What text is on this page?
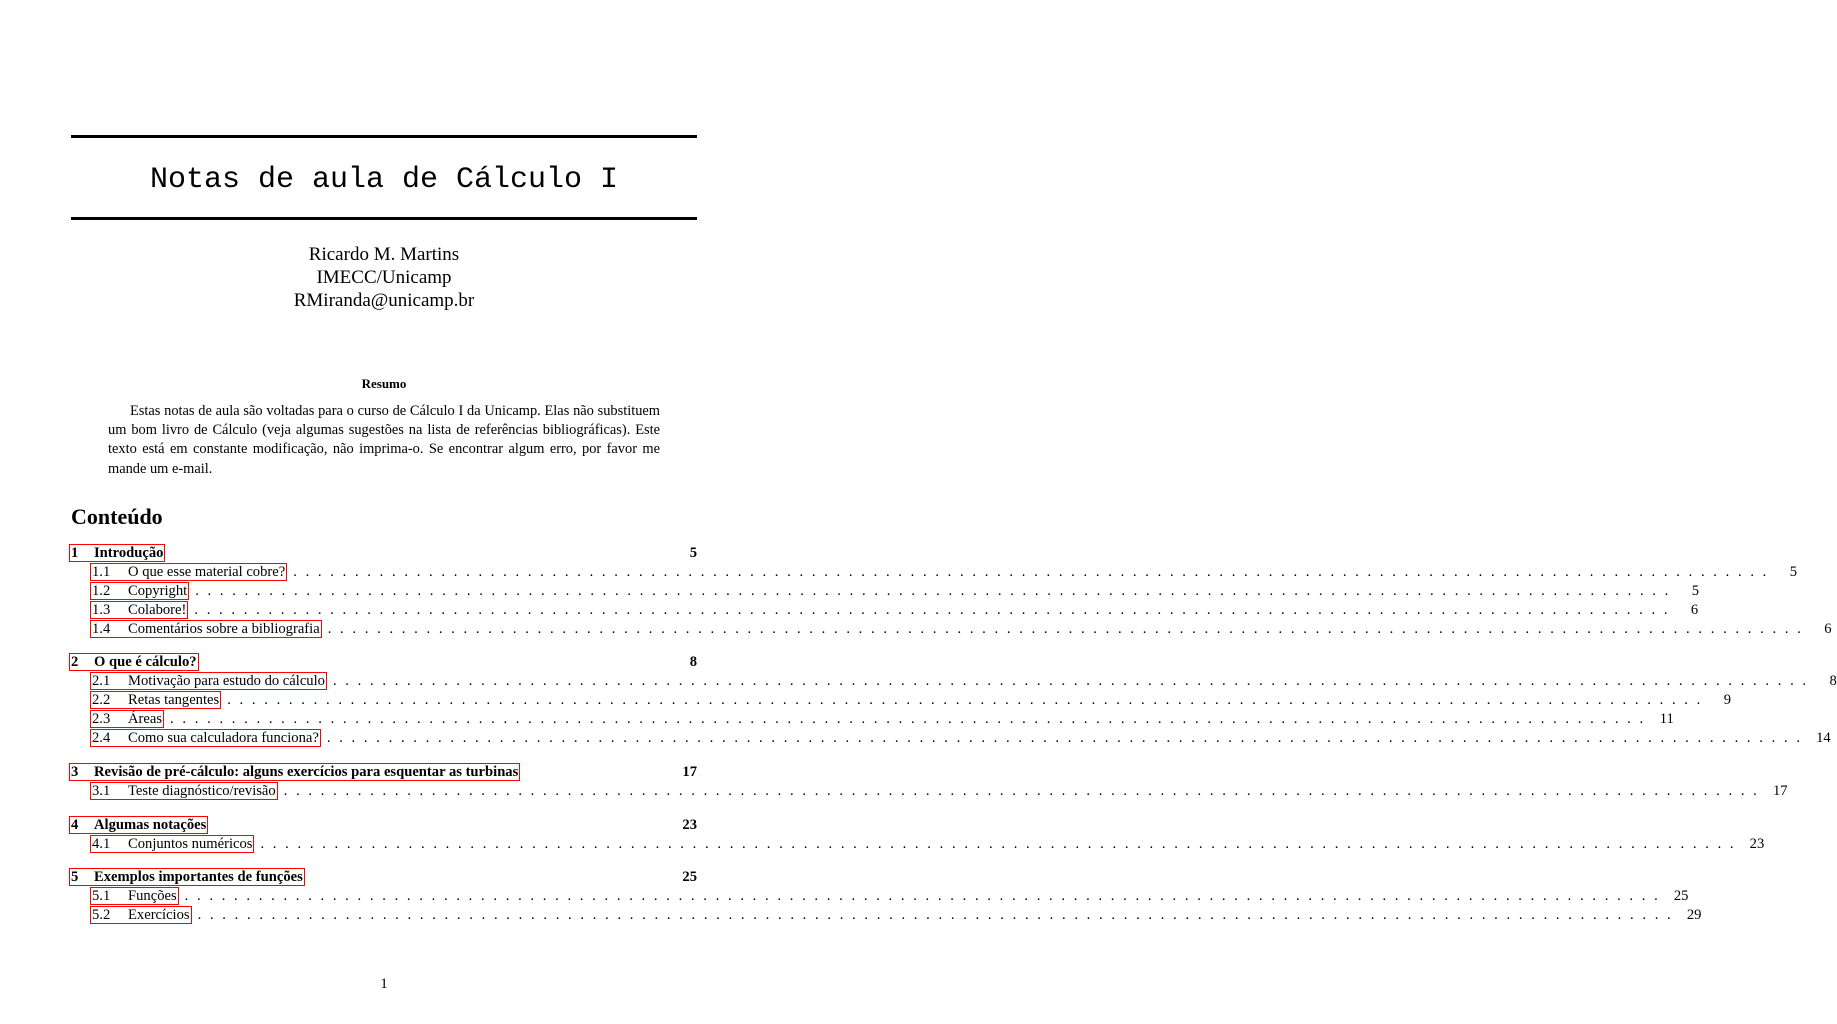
Notas de aula de Cálculo I
Ricardo M. Martins
IMECC/Unicamp
RMiranda@unicamp.br
Resumo

Estas notas de aula são voltadas para o curso de Cálculo I da Unicamp. Elas não substituem um bom livro de Cálculo (veja algumas sugestões na lista de referências bibliográficas). Este texto está em constante modificação, não imprima-o. Se encontrar algum erro, por favor me mande um e-mail.

Conteúdo
1	Introdução	5
1.1	O que esse material cobre? ........................................................................................................................	5
1.2	Copyright ........................................................................................................................	5
1.3	Colabore! ........................................................................................................................	6
1.4	Comentários sobre a bibliografia ........................................................................................................................	6
2	O que é cálculo?	8
2.1	Motivação para estudo do cálculo ........................................................................................................................	8
2.2	Retas tangentes ........................................................................................................................	9
2.3	Áreas ........................................................................................................................ 11
2.4	Como sua calculadora funciona? ........................................................................................................................ 14
3	Revisão de pré-cálculo: alguns exercícios para esquentar as turbinas	17
3.1	Teste diagnóstico/revisão ........................................................................................................................ 17
4	Algumas notações	23
4.1	Conjuntos numéricos ........................................................................................................................ 23
5	Exemplos importantes de funções	25
5.1	Funções ........................................................................................................................ 25
5.2	Exercícios ........................................................................................................................ 29
1
